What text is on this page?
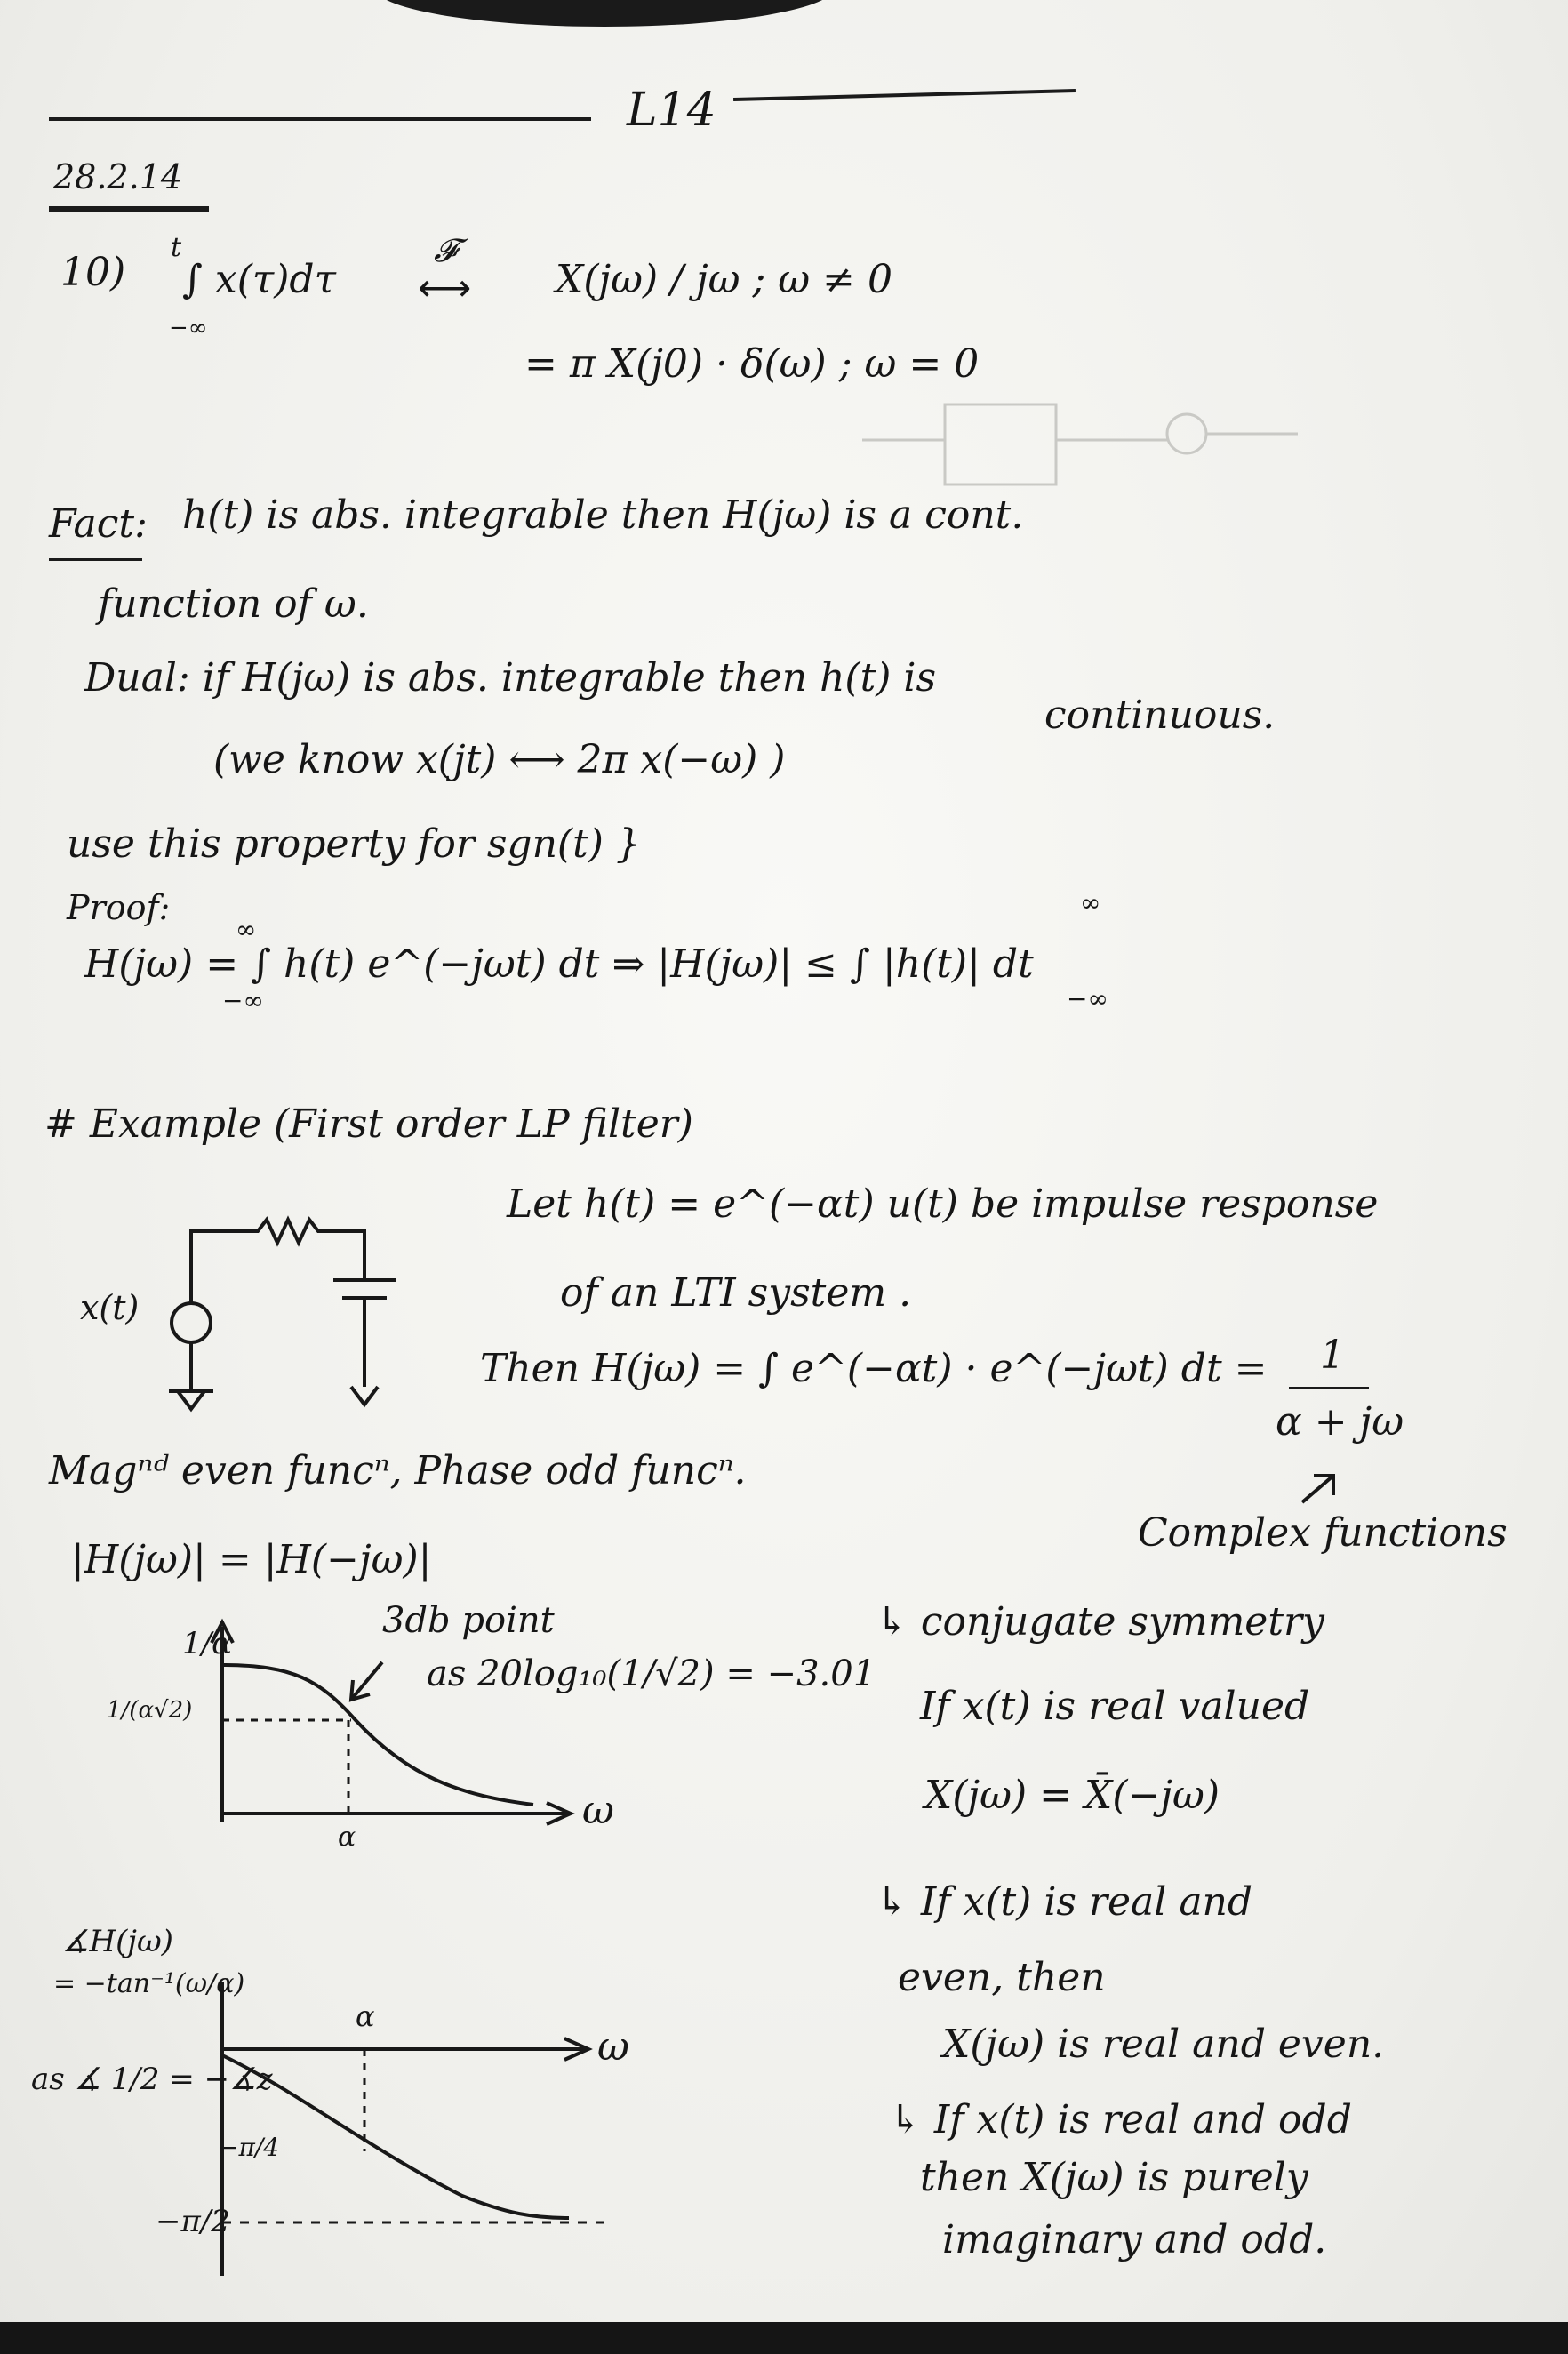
L14
28.2.14
10)
t
−∞
∫ x(τ)dτ
𝓕
⟷ X(jω) / jω ; ω ≠ 0
= π X(j0) · δ(ω) ; ω = 0
Fact: h(t) is abs. integrable then H(jω) is a cont.
function of ω.
Dual: if H(jω) is abs. integrable then h(t) is
continuous.
(we know x(jt) ⟷ 2π x(−ω) )
use this property for sgn(t) }
Proof:
∞
∞
H(jω) = ∫ h(t) e^(−jωt) dt ⇒ |H(jω)| ≤ ∫ |h(t)| dt
−∞	−∞
# Example (First order LP filter)
Let h(t) = e^(−αt) u(t) be impulse response
of an LTI system .
Then H(jω) = ∫ e^(−αt) · e^(−jωt) dt = 1
α + jω
Complex functions
Magⁿᵈ even funcⁿ, Phase odd funcⁿ.
|H(jω)| = |H(−jω)|
x(t)
1/α
1/(α√2)
ω
α
3db point
as 20log₁₀(1/√2) = −3.01
∡H(jω)
= −tan⁻¹(ω/α)
as ∡ 1/2 = −∡z
−π/4
−π/2
ω
α
↳ conjugate symmetry
If x(t) is real valued
X(jω) = X̄(−jω)
↳ If x(t) is real and
even, then
X(jω) is real and even.
↳ If x(t) is real and odd
then X(jω) is purely
imaginary and odd.
